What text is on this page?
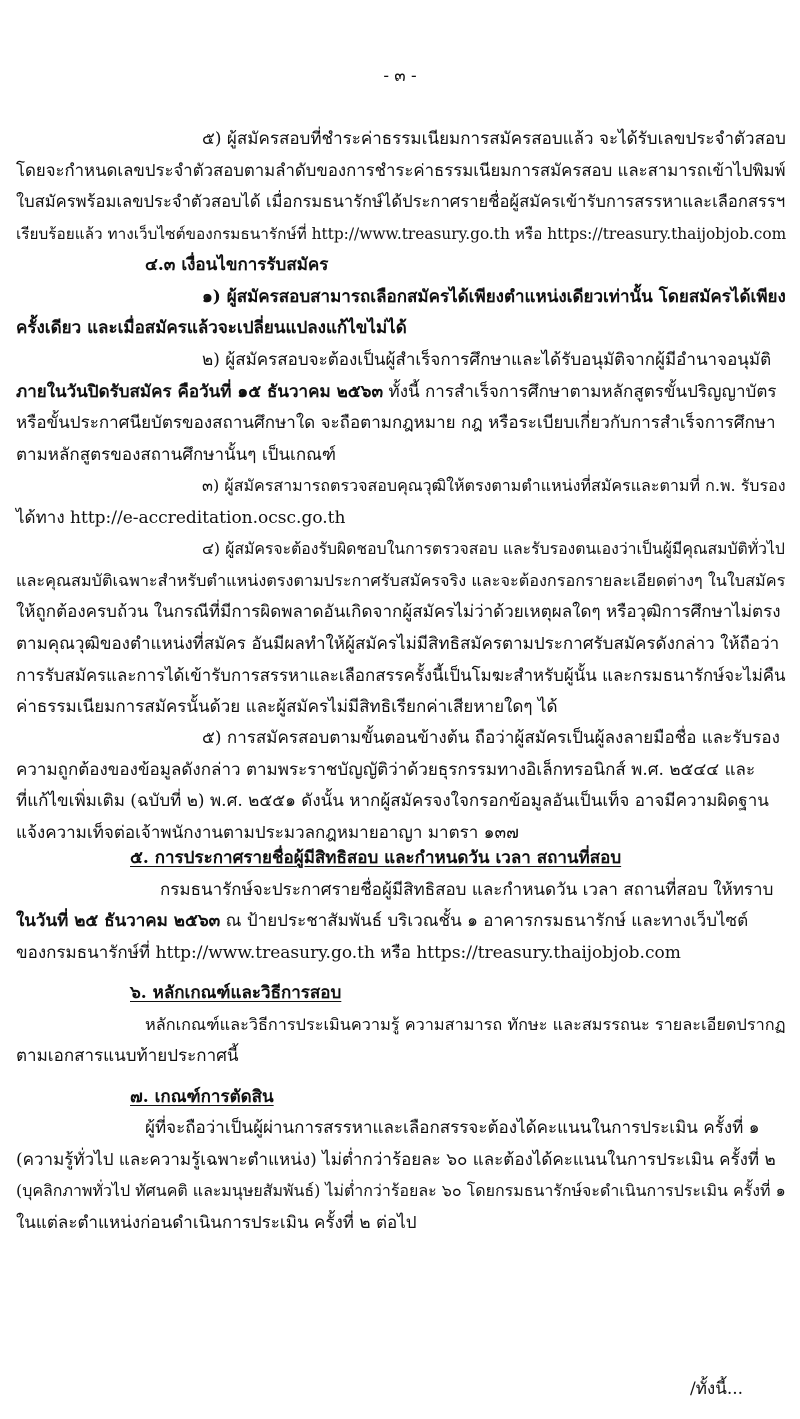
- ๓ -
๕) ผู้สมัครสอบที่ชำระค่าธรรมเนียมการสมัครสอบแล้ว จะได้รับเลขประจำตัวสอบ
โดยจะกำหนดเลขประจำตัวสอบตามลำดับของการชำระค่าธรรมเนียมการสมัครสอบ และสามารถเข้าไปพิมพ์
ใบสมัครพร้อมเลขประจำตัวสอบได้ เมื่อกรมธนารักษ์ได้ประกาศรายชื่อผู้สมัครเข้ารับการสรรหาและเลือกสรรฯ
เรียบร้อยแล้ว ทางเว็บไซต์ของกรมธนารักษ์ที่ http://www.treasury.go.th หรือ https://treasury.thaijobjob.com
๔.๓ เงื่อนไขการรับสมัคร
๑) ผู้สมัครสอบสามารถเลือกสมัครได้เพียงตำแหน่งเดียวเท่านั้น โดยสมัครได้เพียง
ครั้งเดียว และเมื่อสมัครแล้วจะเปลี่ยนแปลงแก้ไขไม่ได้
๒) ผู้สมัครสอบจะต้องเป็นผู้สำเร็จการศึกษาและได้รับอนุมัติจากผู้มีอำนาจอนุมัติ
ภายในวันปิดรับสมัคร คือวันที่ ๑๕ ธันวาคม ๒๕๖๓ ทั้งนี้ การสำเร็จการศึกษาตามหลักสูตรขั้นปริญญาบัตร
หรือขั้นประกาศนียบัตรของสถานศึกษาใด จะถือตามกฎหมาย กฎ หรือระเบียบเกี่ยวกับการสำเร็จการศึกษา
ตามหลักสูตรของสถานศึกษานั้นๆ เป็นเกณฑ์
๓) ผู้สมัครสามารถตรวจสอบคุณวุฒิให้ตรงตามตำแหน่งที่สมัครและตามที่ ก.พ. รับรอง
ได้ทาง http://e-accreditation.ocsc.go.th
๔) ผู้สมัครจะต้องรับผิดชอบในการตรวจสอบ และรับรองตนเองว่าเป็นผู้มีคุณสมบัติทั่วไป
และคุณสมบัติเฉพาะสำหรับตำแหน่งตรงตามประกาศรับสมัครจริง และจะต้องกรอกรายละเอียดต่างๆ ในใบสมัคร
ให้ถูกต้องครบถ้วน ในกรณีที่มีการผิดพลาดอันเกิดจากผู้สมัครไม่ว่าด้วยเหตุผลใดๆ หรือวุฒิการศึกษาไม่ตรง
ตามคุณวุฒิของตำแหน่งที่สมัคร อันมีผลทำให้ผู้สมัครไม่มีสิทธิสมัครตามประกาศรับสมัครดังกล่าว ให้ถือว่า
การรับสมัครและการได้เข้ารับการสรรหาและเลือกสรรครั้งนี้เป็นโมฆะสำหรับผู้นั้น และกรมธนารักษ์จะไม่คืน
ค่าธรรมเนียมการสมัครนั้นด้วย และผู้สมัครไม่มีสิทธิเรียกค่าเสียหายใดๆ ได้
๕) การสมัครสอบตามขั้นตอนข้างต้น ถือว่าผู้สมัครเป็นผู้ลงลายมือชื่อ และรับรอง
ความถูกต้องของข้อมูลดังกล่าว ตามพระราชบัญญัติว่าด้วยธุรกรรมทางอิเล็กทรอนิกส์ พ.ศ. ๒๕๔๔ และ
ที่แก้ไขเพิ่มเติม (ฉบับที่ ๒) พ.ศ. ๒๕๕๑ ดังนั้น หากผู้สมัครจงใจกรอกข้อมูลอันเป็นเท็จ อาจมีความผิดฐาน
แจ้งความเท็จต่อเจ้าพนักงานตามประมวลกฎหมายอาญา มาตรา ๑๓๗
๕. การประกาศรายชื่อผู้มีสิทธิสอบ และกำหนดวัน เวลา สถานที่สอบ
กรมธนารักษ์จะประกาศรายชื่อผู้มีสิทธิสอบ และกำหนดวัน เวลา สถานที่สอบ ให้ทราบ
ในวันที่ ๒๕ ธันวาคม ๒๕๖๓ ณ ป้ายประชาสัมพันธ์ บริเวณชั้น ๑ อาคารกรมธนารักษ์ และทางเว็บไซต์
ของกรมธนารักษ์ที่ http://www.treasury.go.th หรือ https://treasury.thaijobjob.com
๖. หลักเกณฑ์และวิธีการสอบ
หลักเกณฑ์และวิธีการประเมินความรู้ ความสามารถ ทักษะ และสมรรถนะ รายละเอียดปรากฏ
ตามเอกสารแนบท้ายประกาศนี้
๗. เกณฑ์การตัดสิน
ผู้ที่จะถือว่าเป็นผู้ผ่านการสรรหาและเลือกสรรจะต้องได้คะแนนในการประเมิน ครั้งที่ ๑
(ความรู้ทั่วไป และความรู้เฉพาะตำแหน่ง) ไม่ต่ำกว่าร้อยละ ๖๐ และต้องได้คะแนนในการประเมิน ครั้งที่ ๒
(บุคลิกภาพทั่วไป ทัศนคติ และมนุษยสัมพันธ์) ไม่ต่ำกว่าร้อยละ ๖๐ โดยกรมธนารักษ์จะดำเนินการประเมิน ครั้งที่ ๑
ในแต่ละตำแหน่งก่อนดำเนินการประเมิน ครั้งที่ ๒ ต่อไป
/ทั้งนี้...
